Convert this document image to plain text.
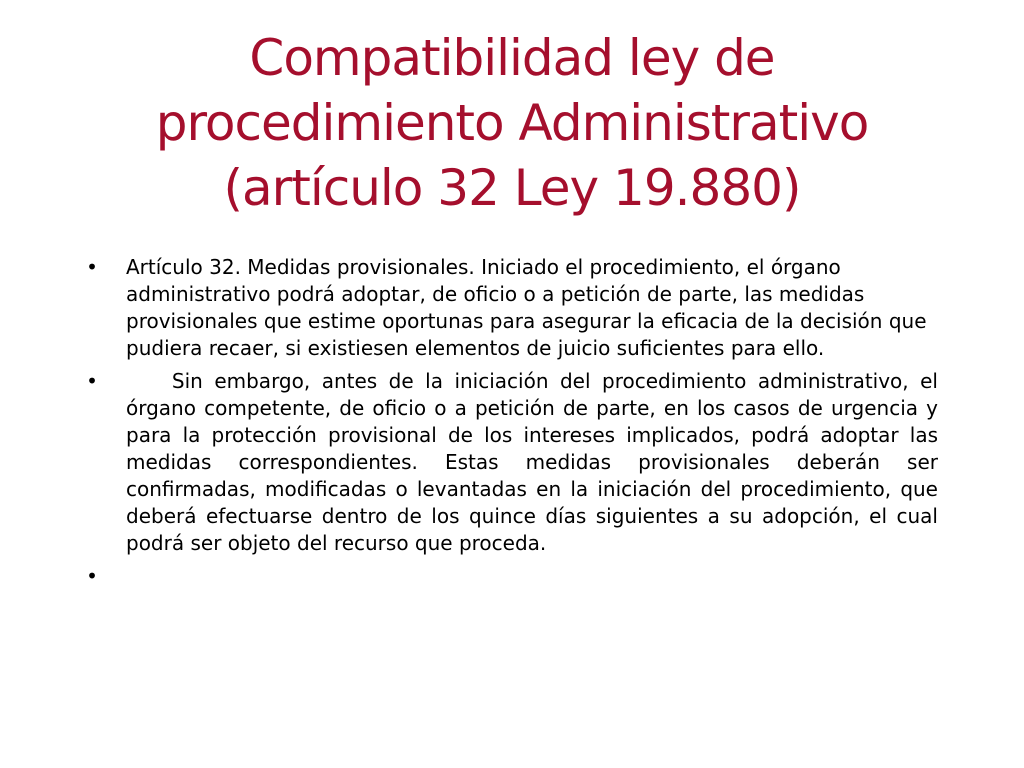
Compatibilidad ley de
procedimiento Administrativo
(artículo 32 Ley 19.880)
• Artículo 32. Medidas provisionales. Iniciado el procedimiento, el órgano administrativo podrá adoptar, de oficio o a petición de parte, las medidas provisionales que estime oportunas para asegurar la eficacia de la decisión que pudiera recaer, si existiesen elementos de juicio suficientes para ello.
• Sin embargo, antes de la iniciación del procedimiento administrativo, el órgano competente, de oficio o a petición de parte, en los casos de urgencia y para la protección provisional de los intereses implicados, podrá adoptar las medidas correspondientes. Estas medidas provisionales deberán ser confirmadas, modificadas o levantadas en la iniciación del procedimiento, que deberá efectuarse dentro de los quince días siguientes a su adopción, el cual podrá ser objeto del recurso que proceda.
•
